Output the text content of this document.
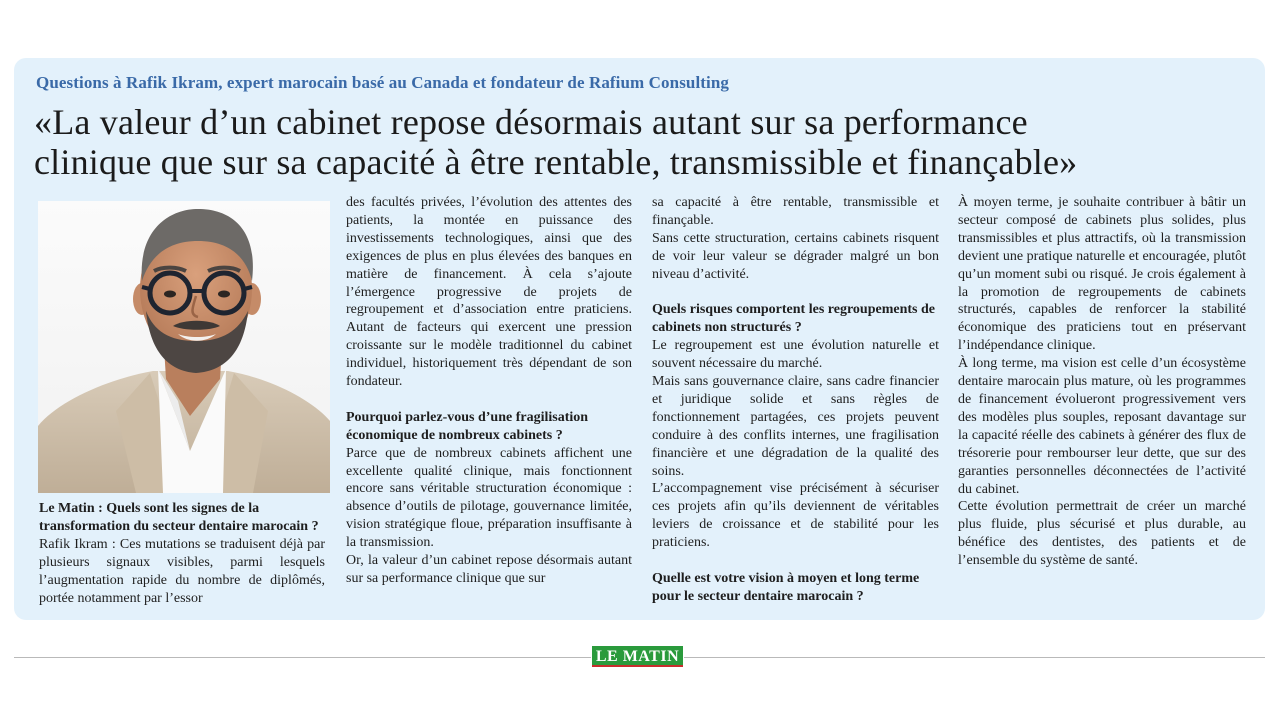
Questions à Rafik Ikram, expert marocain basé au Canada et fondateur de Rafium Consulting
«La valeur d’un cabinet repose désormais autant sur sa performance
clinique que sur sa capacité à être rentable, transmissible et finançable»

Le Matin : Quels sont les signes de la transformation du secteur dentaire marocain ?

Rafik Ikram : Ces mutations se traduisent déjà par plusieurs signaux visibles, parmi lesquels l’augmentation rapide du nombre de diplômés, portée notamment par l’essor

des facultés privées, l’évolution des attentes des patients, la montée en puissance des investissements technologiques, ainsi que des exigences de plus en plus élevées des banques en matière de financement. À cela s’ajoute l’émergence progressive de projets de regroupement et d’association entre praticiens. Autant de facteurs qui exercent une pression croissante sur le modèle traditionnel du cabinet individuel, historiquement très dépendant de son fondateur.

Pourquoi parlez-vous d’une fragilisation économique de nombreux cabinets ?

Parce que de nombreux cabinets affichent une excellente qualité clinique, mais fonctionnent encore sans véritable structuration économique : absence d’outils de pilotage, gouvernance limitée, vision stratégique floue, préparation insuffisante à la transmission.

Or, la valeur d’un cabinet repose désormais autant sur sa performance clinique que sur

sa capacité à être rentable, transmissible et finançable.

Sans cette structuration, certains cabinets risquent de voir leur valeur se dégrader malgré un bon niveau d’activité.

Quels risques comportent les regroupements de cabinets non structurés ?

Le regroupement est une évolution naturelle et souvent nécessaire du marché.

Mais sans gouvernance claire, sans cadre financier et juridique solide et sans règles de fonctionnement partagées, ces projets peuvent conduire à des conflits internes, une fragilisation financière et une dégradation de la qualité des soins.

L’accompagnement vise précisément à sécuriser ces projets afin qu’ils deviennent de véritables leviers de croissance et de stabilité pour les praticiens.

Quelle est votre vision à moyen et long terme pour le secteur dentaire marocain ?

À moyen terme, je souhaite contribuer à bâtir un secteur composé de cabinets plus solides, plus transmissibles et plus attractifs, où la transmission devient une pratique naturelle et encouragée, plutôt qu’un moment subi ou risqué. Je crois également à la promotion de regroupements de cabinets structurés, capables de renforcer la stabilité économique des praticiens tout en préservant l’indépendance clinique.

À long terme, ma vision est celle d’un écosystème dentaire marocain plus mature, où les programmes de financement évolueront progressivement vers des modèles plus souples, reposant davantage sur la capacité réelle des cabinets à générer des flux de trésorerie pour rembourser leur dette, que sur des garanties personnelles déconnectées de l’activité du cabinet.

Cette évolution permettrait de créer un marché plus fluide, plus sécurisé et plus durable, au bénéfice des dentistes, des patients et de l’ensemble du système de santé.

LE MATIN
